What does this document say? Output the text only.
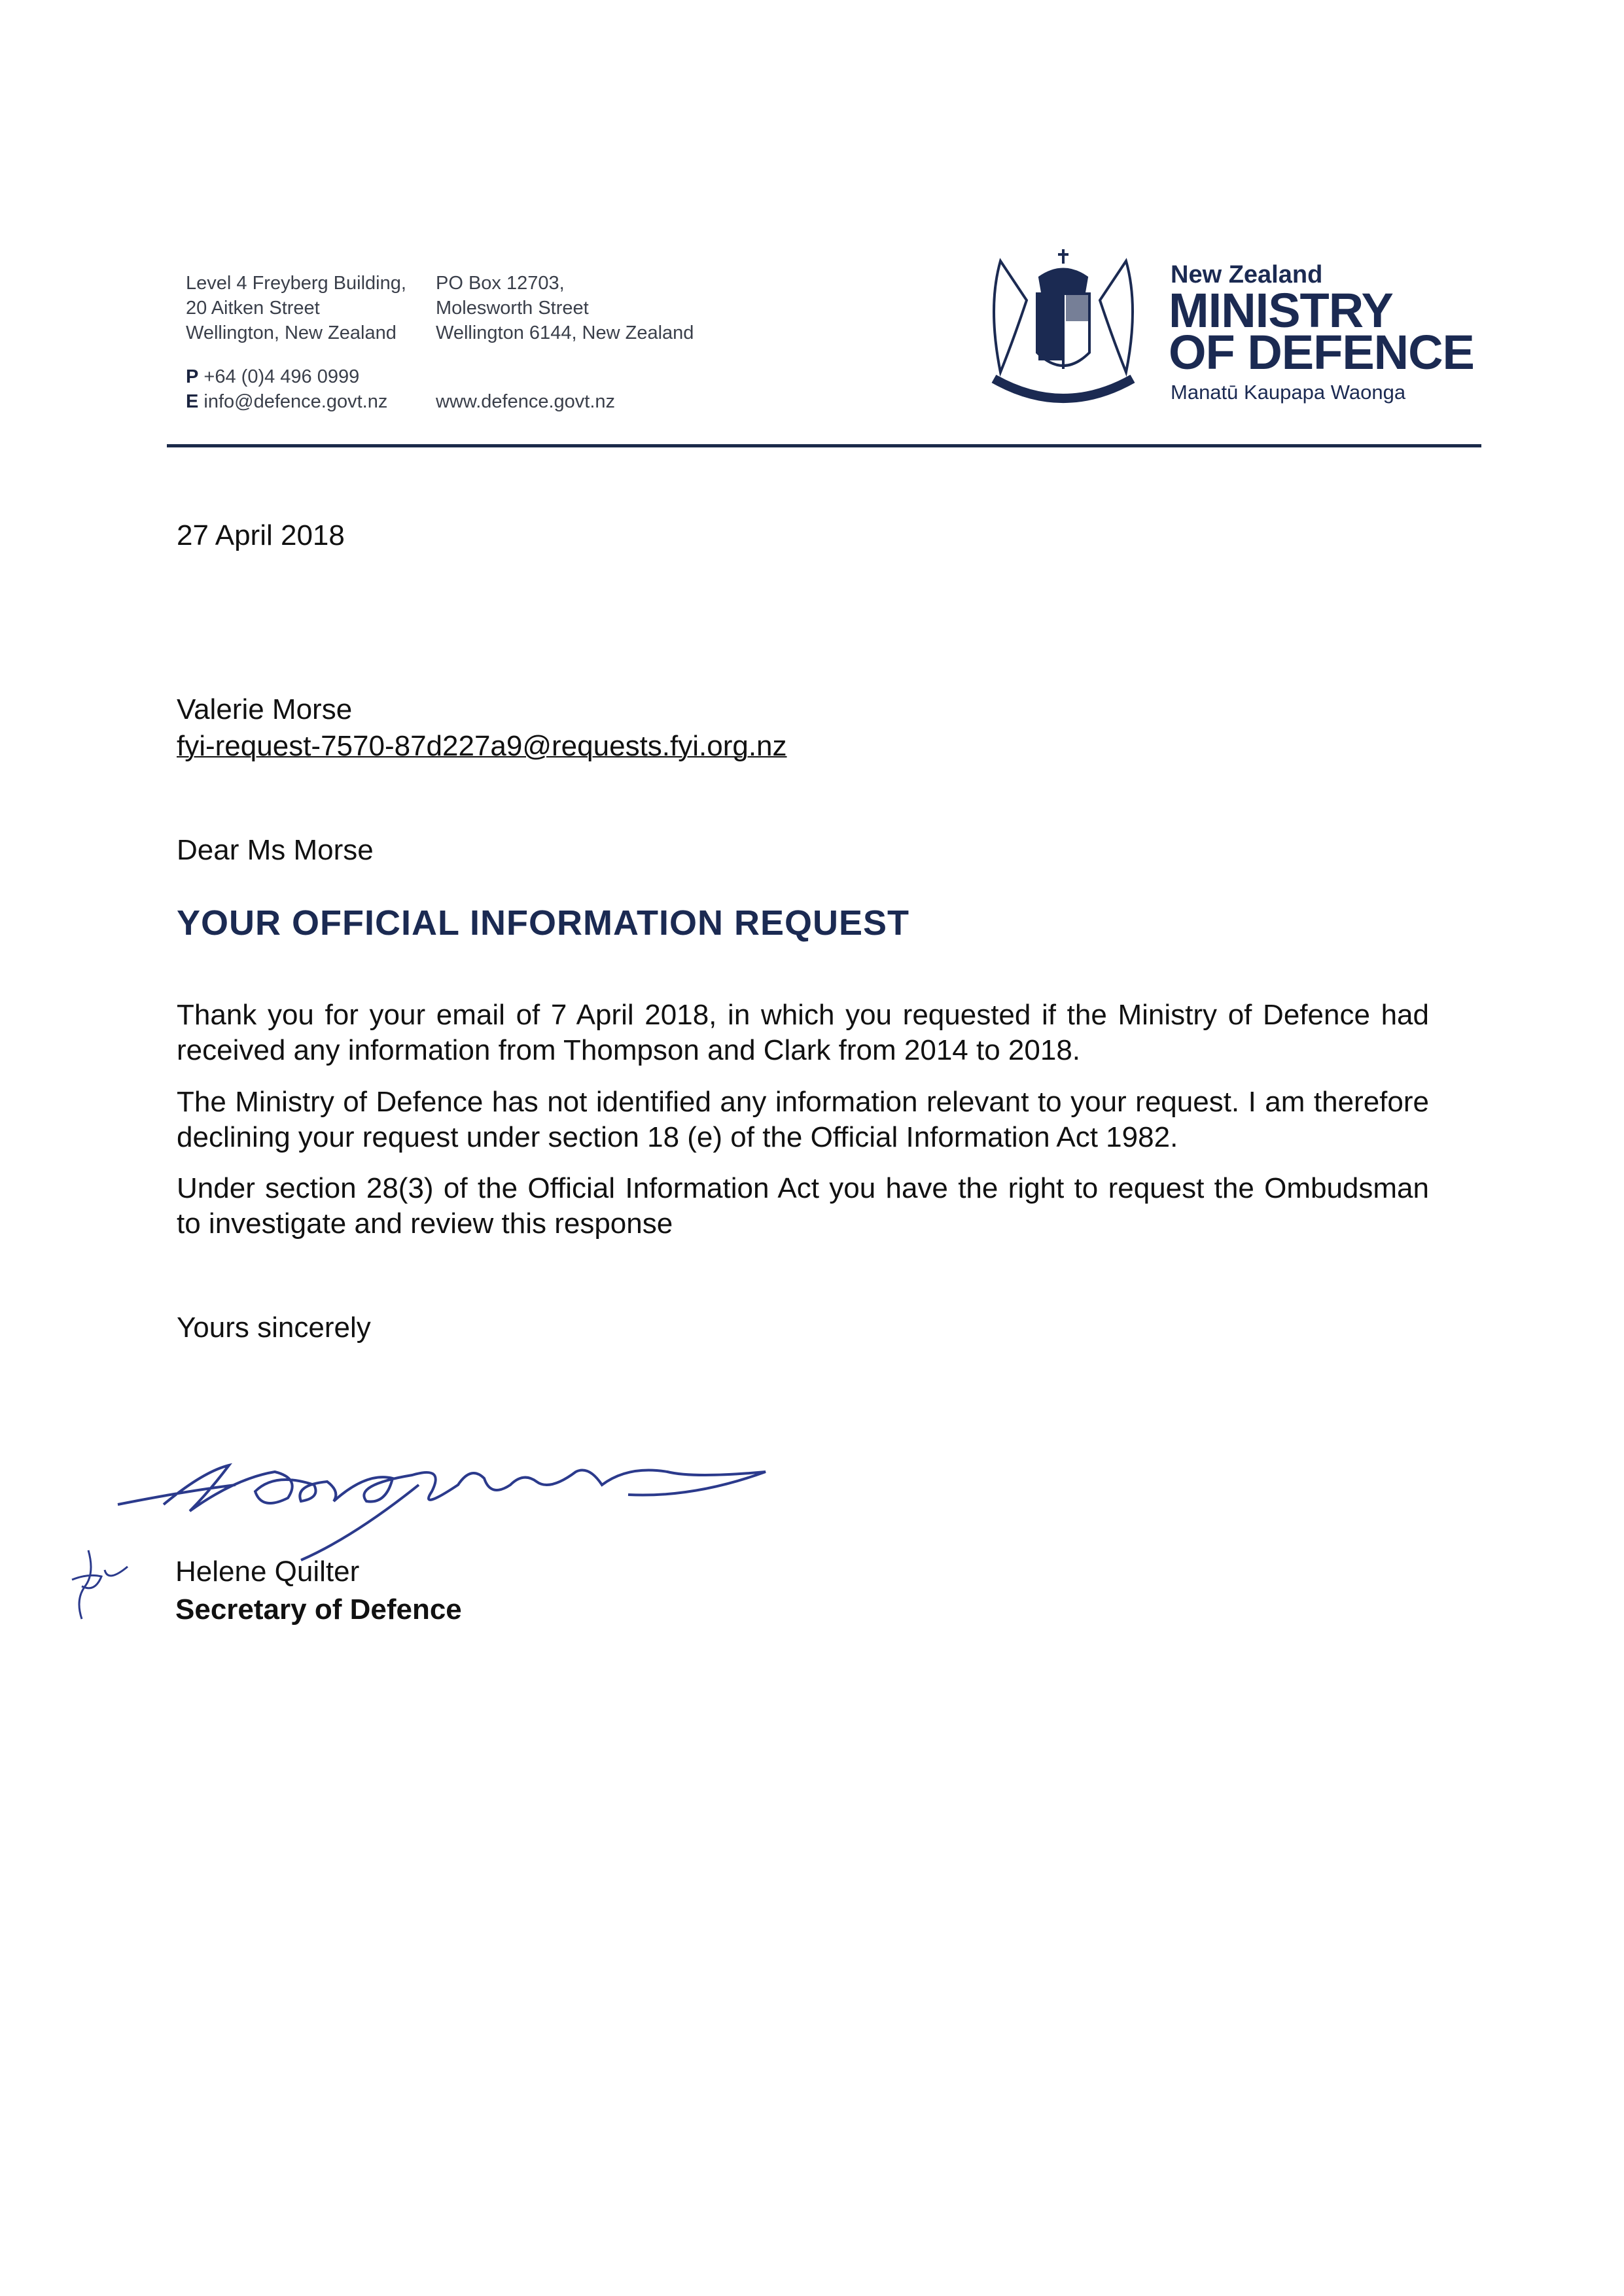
Level 4 Freyberg Building,
20 Aitken Street
Wellington, New Zealand
PO Box 12703,
Molesworth Street
Wellington 6144, New Zealand
P +64 (0)4 496 0999
E info@defence.govt.nz	www.defence.govt.nz
New Zealand
MINISTRY
OF DEFENCE
Manatū Kaupapa Waonga
27 April 2018
Valerie Morse
fyi-request-7570-87d227a9@requests.fyi.org.nz
Dear Ms Morse
YOUR OFFICIAL INFORMATION REQUEST
Thank you for your email of 7 April 2018, in which you requested if the Ministry of Defence had received any information from Thompson and Clark from 2014 to 2018.
The Ministry of Defence has not identified any information relevant to your request. I am therefore declining your request under section 18 (e) of the Official Information Act 1982.
Under section 28(3) of the Official Information Act you have the right to request the Ombudsman to investigate and review this response
Yours sincerely
Helene Quilter
Secretary of Defence
